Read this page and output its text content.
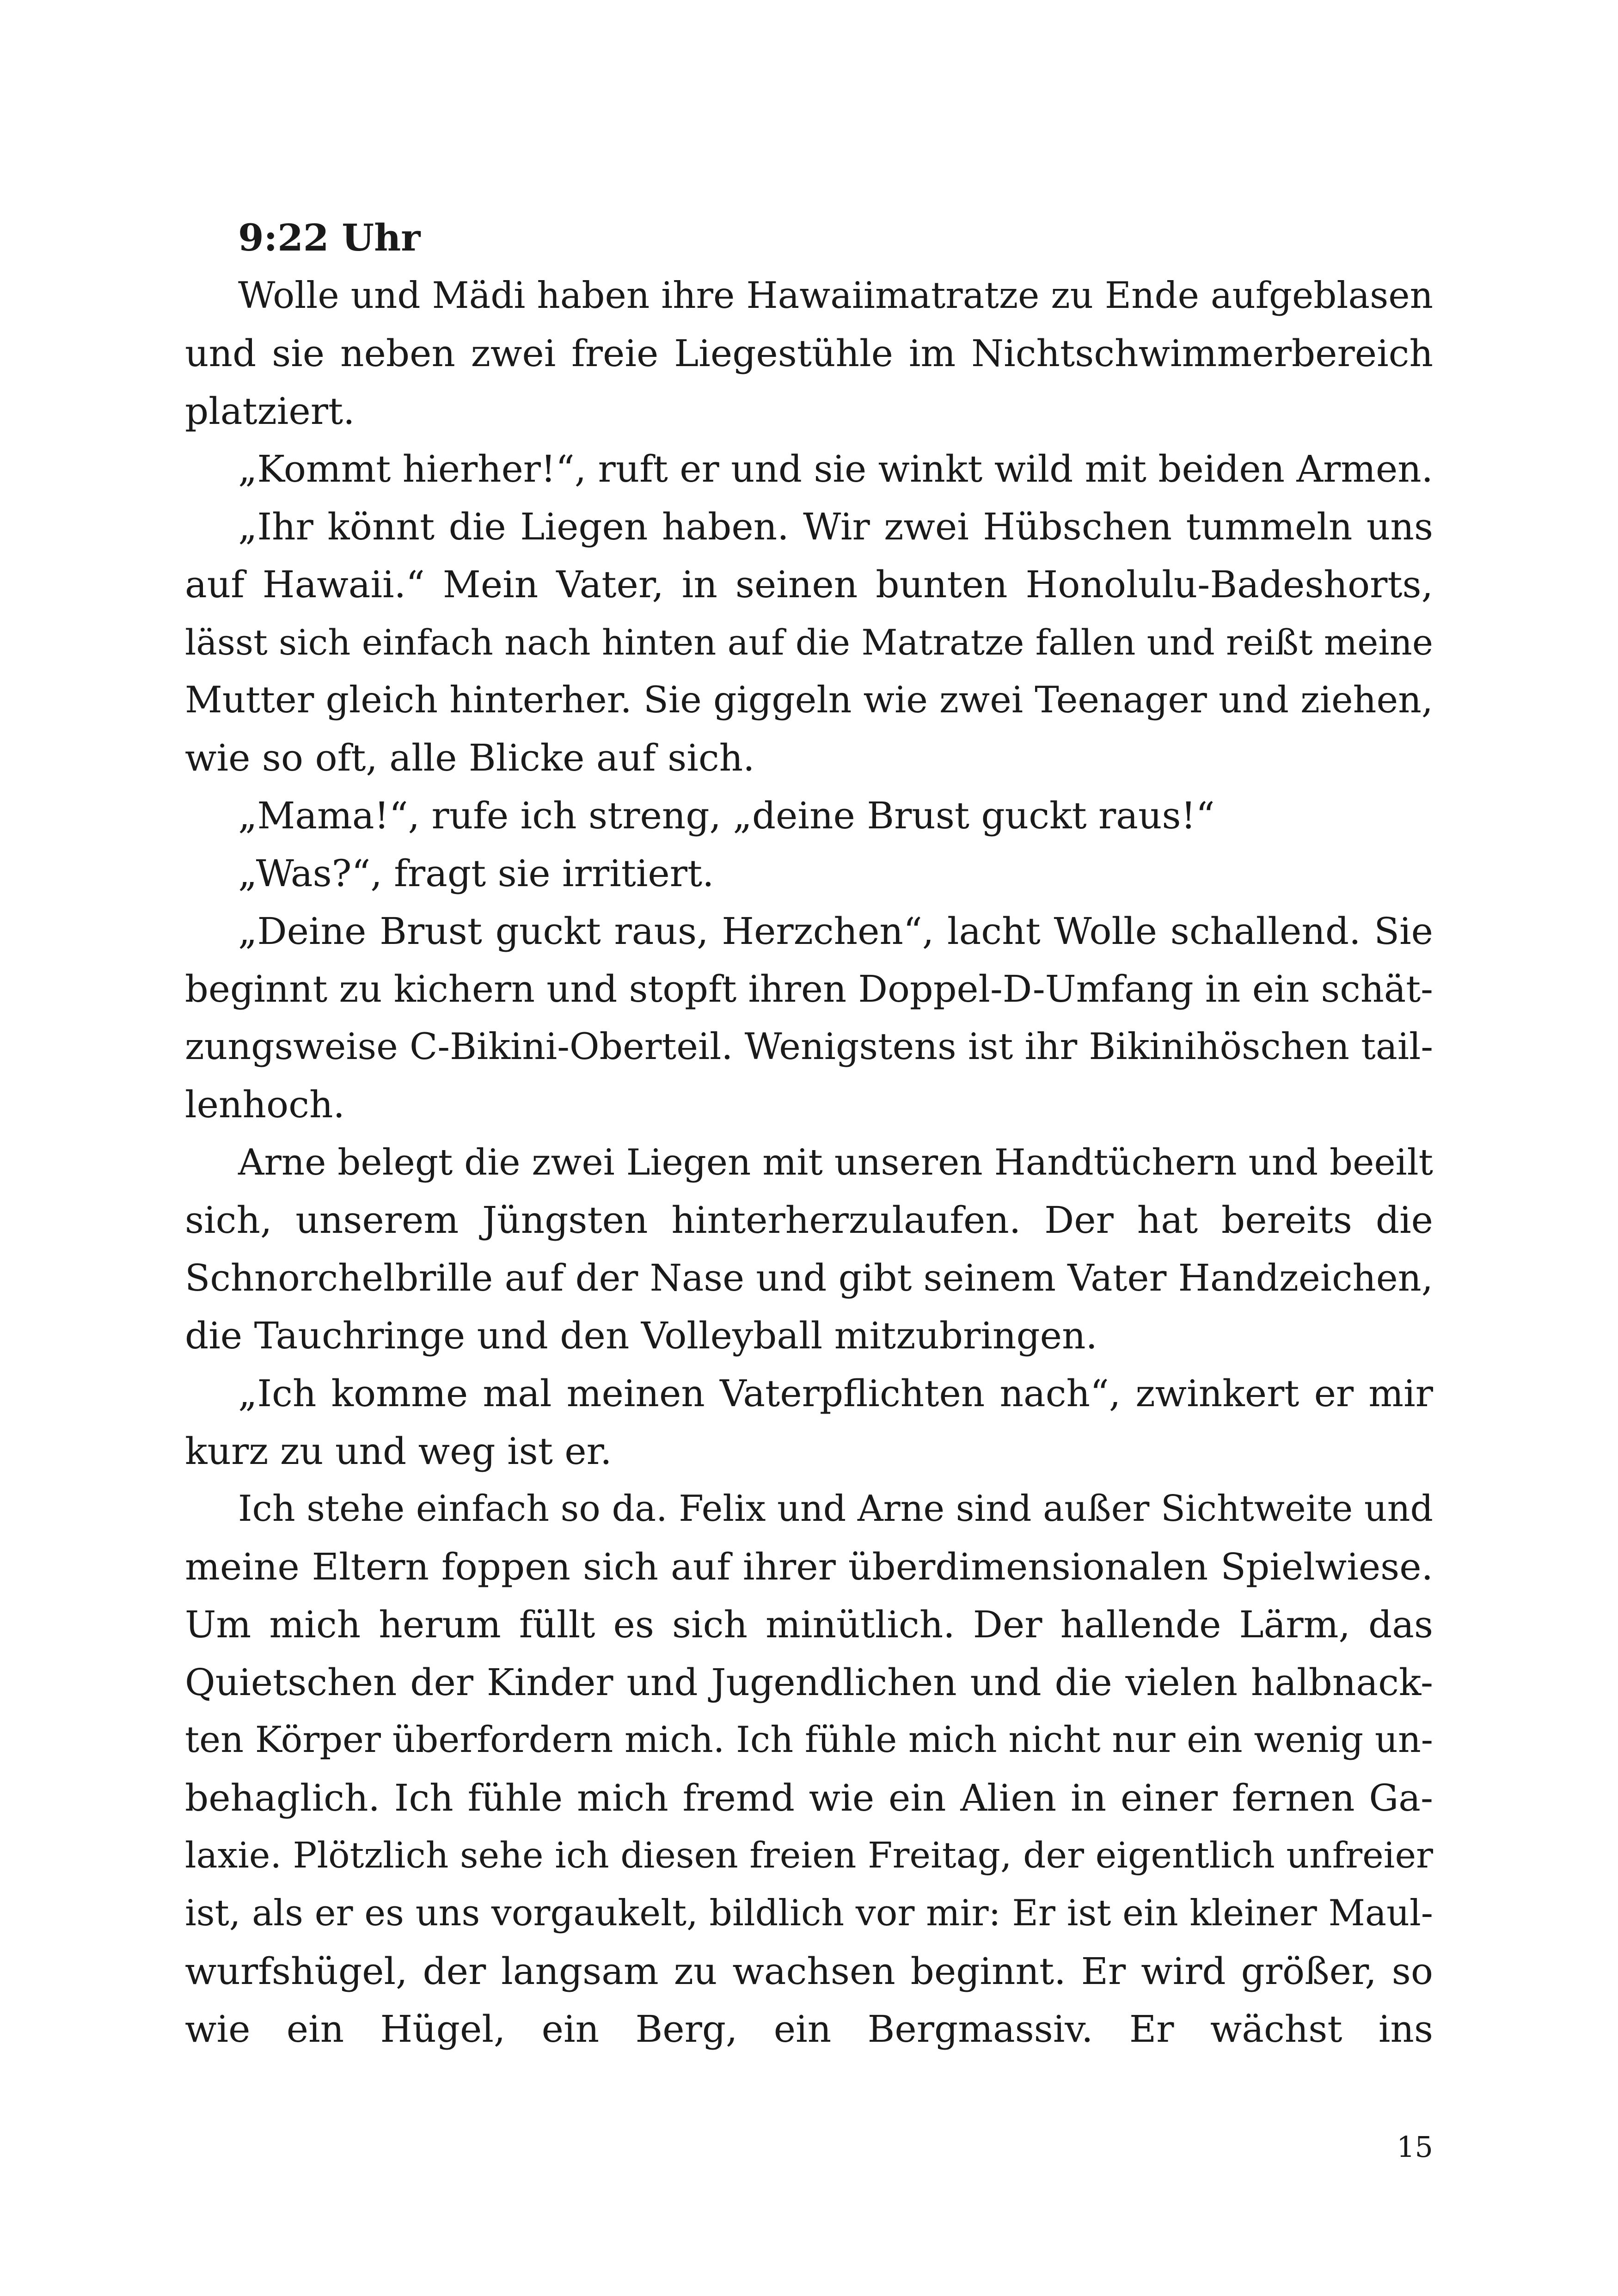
9:22 Uhr
Wolle und Mädi haben ihre Hawaiimatratze zu Ende aufgeblasen
und sie neben zwei freie Liegestühle im Nichtschwimmerbereich
platziert.
„Kommt hierher!“, ruft er und sie winkt wild mit beiden Armen.
„Ihr könnt die Liegen haben. Wir zwei Hübschen tummeln uns
auf Hawaii.“ Mein Vater, in seinen bunten Honolulu-Badeshorts,
lässt sich einfach nach hinten auf die Matratze fallen und reißt meine
Mutter gleich hinterher. Sie giggeln wie zwei Teenager und ziehen,
wie so oft, alle Blicke auf sich.
„Mama!“, rufe ich streng, „deine Brust guckt raus!“
„Was?“, fragt sie irritiert.
„Deine Brust guckt raus, Herzchen“, lacht Wolle schallend. Sie
beginnt zu kichern und stopft ihren Doppel-D-Umfang in ein schät-
zungsweise C-Bikini-Oberteil. Wenigstens ist ihr Bikinihöschen tail-
lenhoch.
Arne belegt die zwei Liegen mit unseren Handtüchern und beeilt
sich, unserem Jüngsten hinterherzulaufen. Der hat bereits die
Schnorchelbrille auf der Nase und gibt seinem Vater Handzeichen,
die Tauchringe und den Volleyball mitzubringen.
„Ich komme mal meinen Vaterpflichten nach“, zwinkert er mir
kurz zu und weg ist er.
Ich stehe einfach so da. Felix und Arne sind außer Sichtweite und
meine Eltern foppen sich auf ihrer überdimensionalen Spielwiese.
Um mich herum füllt es sich minütlich. Der hallende Lärm, das
Quietschen der Kinder und Jugendlichen und die vielen halbnack-
ten Körper überfordern mich. Ich fühle mich nicht nur ein wenig un-
behaglich. Ich fühle mich fremd wie ein Alien in einer fernen Ga-
laxie. Plötzlich sehe ich diesen freien Freitag, der eigentlich unfreier
ist, als er es uns vorgaukelt, bildlich vor mir: Er ist ein kleiner Maul-
wurfshügel, der langsam zu wachsen beginnt. Er wird größer, so
wie ein Hügel, ein Berg, ein Bergmassiv. Er wächst ins
15
